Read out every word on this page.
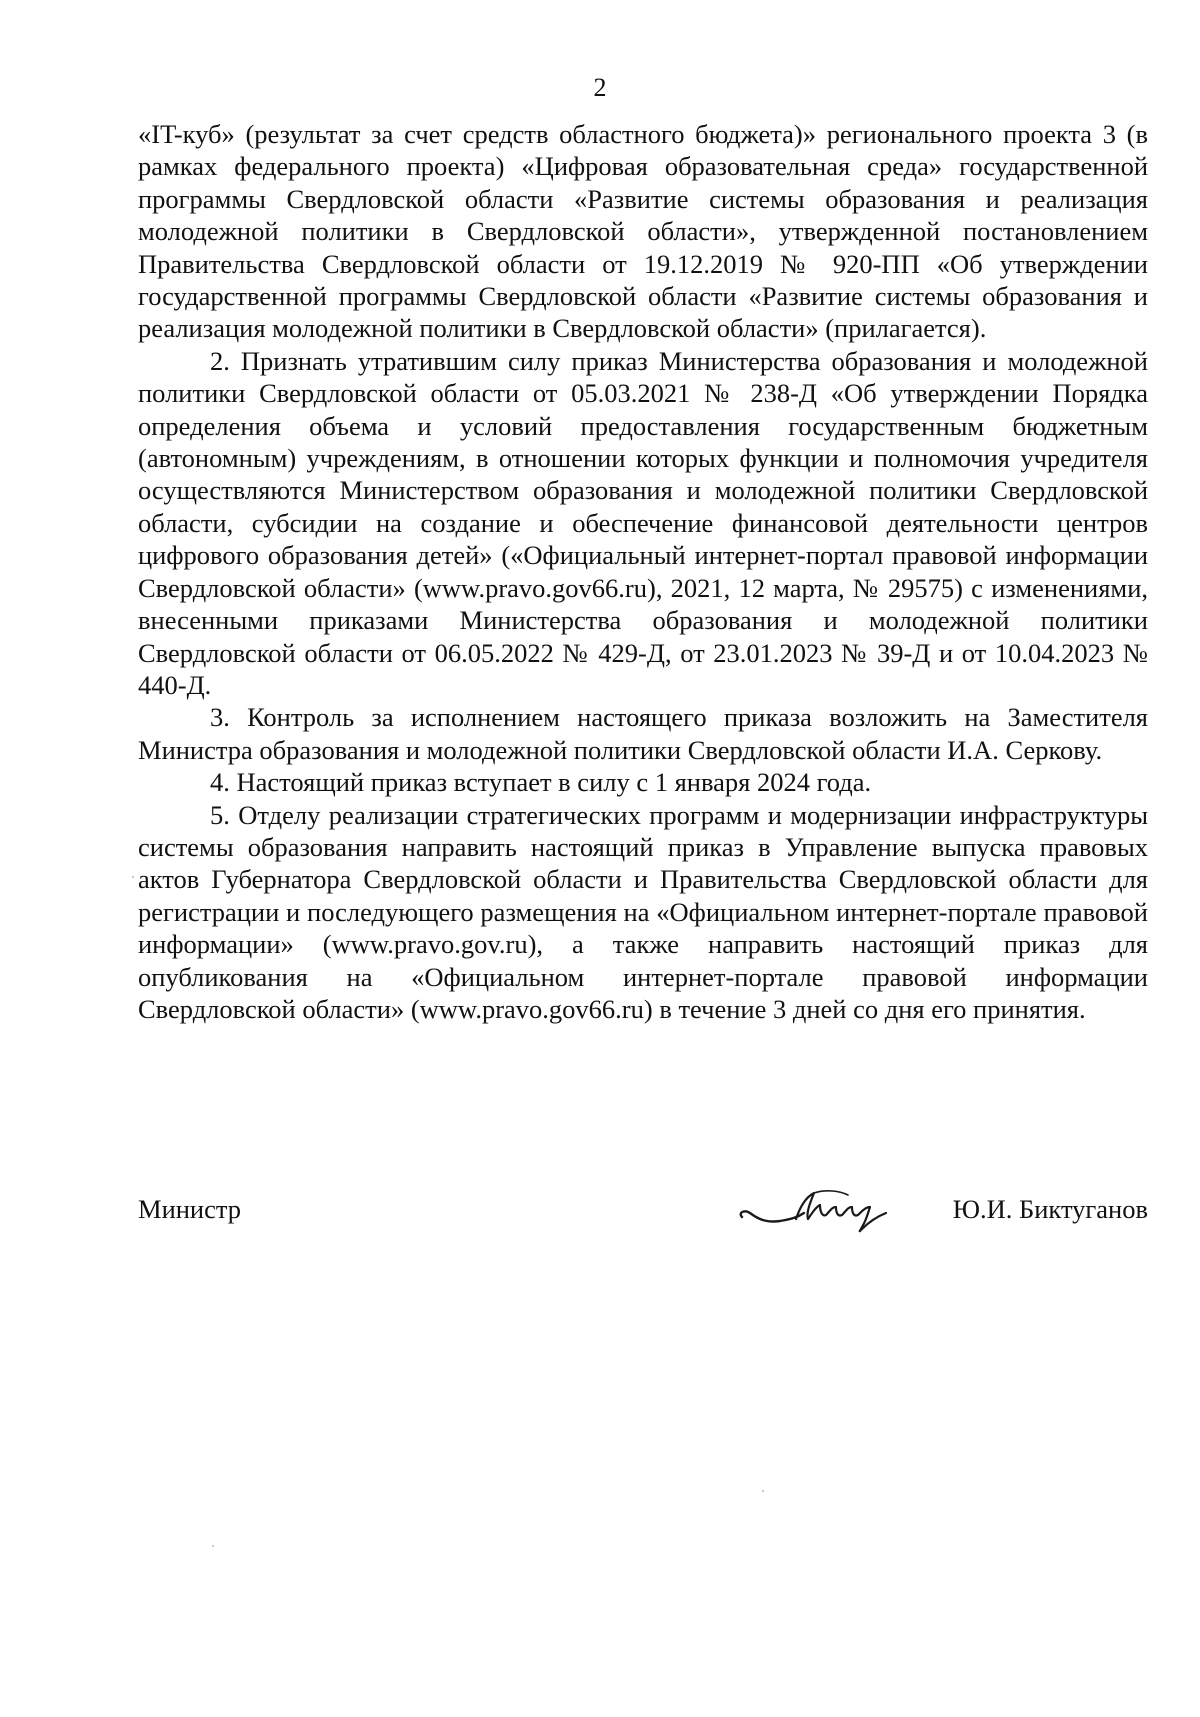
2

«IT-куб» (результат за счет средств областного бюджета)» регионального проекта 3 (в рамках федерального проекта) «Цифровая образовательная среда» государственной программы Свердловской области «Развитие системы образования и реализация молодежной политики в Свердловской области», утвержденной постановлением Правительства Свердловской области от 19.12.2019 № 920-ПП «Об утверждении государственной программы Свердловской области «Развитие системы образования и реализация молодежной политики в Свердловской области» (прилагается).

2. Признать утратившим силу приказ Министерства образования и молодежной политики Свердловской области от 05.03.2021 № 238-Д «Об утверждении Порядка определения объема и условий предоставления государственным бюджетным (автономным) учреждениям, в отношении которых функции и полномочия учредителя осуществляются Министерством образования и молодежной политики Свердловской области, субсидии на создание и обеспечение финансовой деятельности центров цифрового образования детей» («Официальный интернет-портал правовой информации Свердловской области» (www.pravo.gov66.ru), 2021, 12 марта, № 29575) с изменениями, внесенными приказами Министерства образования и молодежной политики Свердловской области от 06.05.2022 № 429-Д, от 23.01.2023 № 39-Д и от 10.04.2023 № 440-Д.

3. Контроль за исполнением настоящего приказа возложить на Заместителя Министра образования и молодежной политики Свердловской области И.А. Серкову.

4. Настоящий приказ вступает в силу с 1 января 2024 года.

5. Отделу реализации стратегических программ и модернизации инфраструктуры системы образования направить настоящий приказ в Управление выпуска правовых актов Губернатора Свердловской области и Правительства Свердловской области для регистрации и последующего размещения на «Официальном интернет-портале правовой информации» (www.pravo.gov.ru), а также направить настоящий приказ для опубликования на «Официальном интернет-портале правовой информации Свердловской области» (www.pravo.gov66.ru) в течение 3 дней со дня его принятия.

Министр	Ю.И. Биктуганов
